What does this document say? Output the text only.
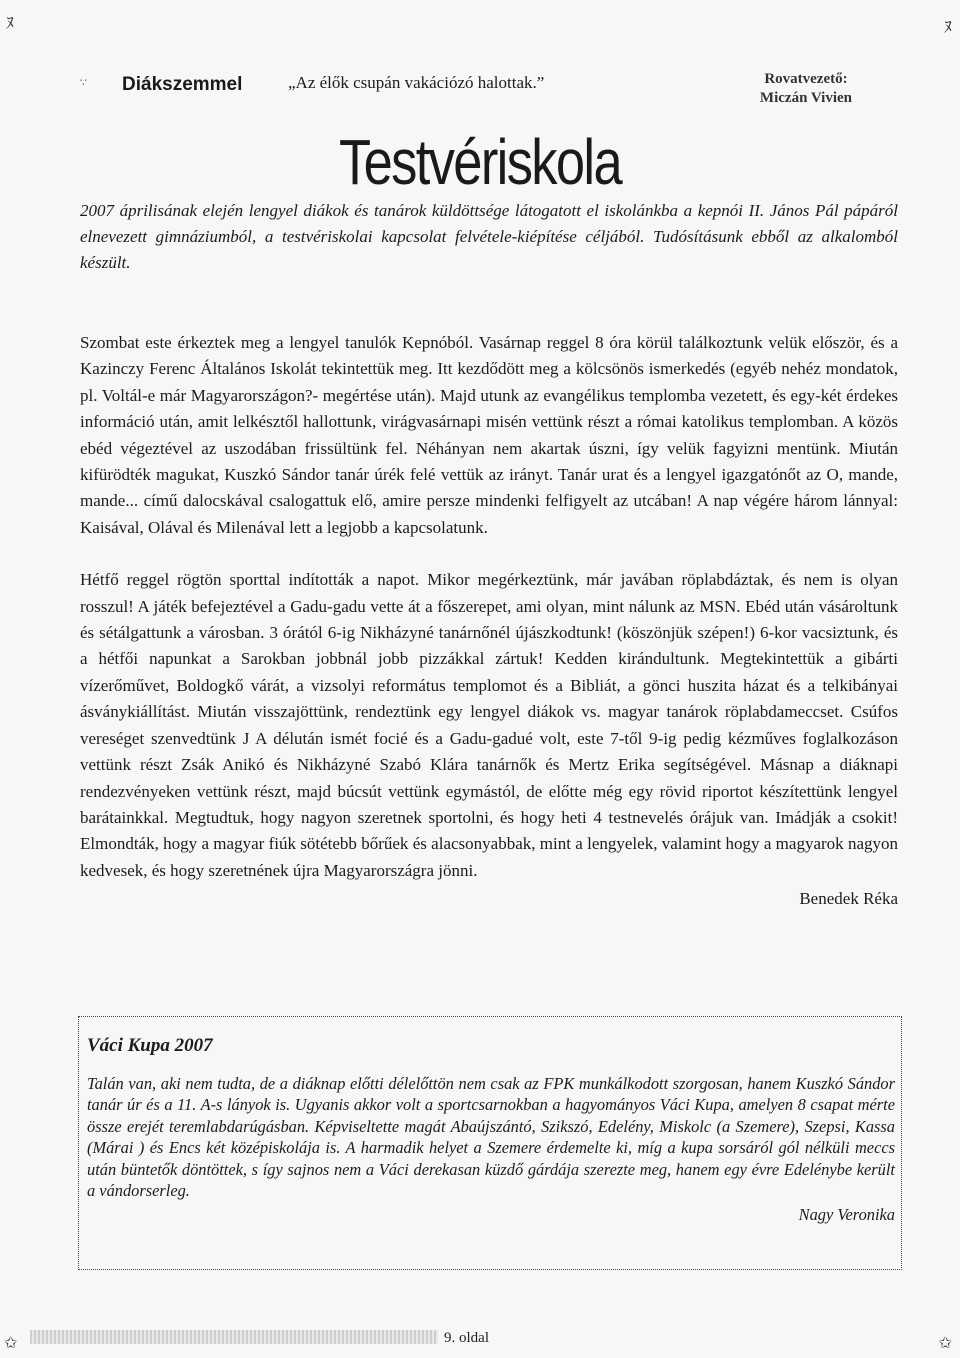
ﾇ	ﾇ
✩	✩
∵ Diákszemmel	„Az élők csupán vakációzó halottak.”	Rovatvezető:
Miczán Vivien
Testvériskola
2007 áprilisának elején lengyel diákok és tanárok küldöttsége látogatott el iskolánkba a kepnói II. János Pál pápáról elnevezett gimnáziumból, a testvériskolai kapcsolat felvétele-kiépítése céljából. Tudósításunk ebből az alkalomból készült.

Szombat este érkeztek meg a lengyel tanulók Kepnóból. Vasárnap reggel 8 óra körül találkoztunk velük először, és a Kazinczy Ferenc Általános Iskolát tekintettük meg. Itt kezdődött meg a kölcsönös ismerkedés (egyéb nehéz mondatok, pl. Voltál-e már Magyarországon?- megértése után). Majd utunk az evangélikus templomba vezetett, és egy-két érdekes információ után, amit lelkésztől hallottunk, virágvasárnapi misén vettünk részt a római katolikus templomban. A közös ebéd végeztével az uszodában frissültünk fel. Néhányan nem akartak úszni, így velük fagyizni mentünk. Miután kifürödték magukat, Kuszkó Sándor tanár úrék felé vettük az irányt. Tanár urat és a lengyel igazgatónőt az O, mande, mande... című dalocskával csalogattuk elő, amire persze mindenki felfigyelt az utcában! A nap végére három lánnyal: Kaisával, Olával és Milenával lett a legjobb a kapcsolatunk.

Hétfő reggel rögtön sporttal indították a napot. Mikor megérkeztünk, már javában röplabdáztak, és nem is olyan rosszul! A játék befejeztével a Gadu-gadu vette át a főszerepet, ami olyan, mint nálunk az MSN. Ebéd után vásároltunk és sétálgattunk a városban. 3 órától 6-ig Nikházyné tanárnőnél újászkodtunk! (köszönjük szépen!) 6-kor vacsiztunk, és a hétfői napunkat a Sarokban jobbnál jobb pizzákkal zártuk! Kedden kirándultunk. Megtekintettük a gibárti vízerőművet, Boldogkő várát, a vizsolyi református templomot és a Bibliát, a gönci huszita házat és a telkibányai ásványkiállítást. Miután visszajöttünk, rendeztünk egy lengyel diákok vs. magyar tanárok röplabdameccset. Csúfos vereséget szenvedtünk J A délután ismét focié és a Gadu-gadué volt, este 7-től 9-ig pedig kézműves foglalkozáson vettünk részt Zsák Anikó és Nikházyné Szabó Klára tanárnők és Mertz Erika segítségével. Másnap a diáknapi rendezvényeken vettünk részt, majd búcsút vettünk egymástól, de előtte még egy rövid riportot készítettünk lengyel barátainkkal. Megtudtuk, hogy nagyon szeretnek sportolni, és hogy heti 4 testnevelés órájuk van. Imádják a csokit! Elmondták, hogy a magyar fiúk sötétebb bőrűek és alacsonyabbak, mint a lengyelek, valamint hogy a magyarok nagyon kedvesek, és hogy szeretnének újra Magyarországra jönni.

Benedek Réka

Váci Kupa 2007

Talán van, aki nem tudta, de a diáknap előtti délelőttön nem csak az FPK munkálkodott szorgosan, hanem Kuszkó Sándor tanár úr és a 11. A-s lányok is. Ugyanis akkor volt a sportcsarnokban a hagyományos Váci Kupa, amelyen 8 csapat mérte össze erejét teremlabdarúgásban. Képviseltette magát Abaújszántó, Szikszó, Edelény, Miskolc (a Szemere), Szepsi, Kassa (Márai ) és Encs két középiskolája is. A harmadik helyet a Szemere érdemelte ki, míg a kupa sorsáról gól nélküli meccs után büntetők döntöttek, s így sajnos nem a Váci derekasan küzdő gárdája szerezte meg, hanem egy évre Edelénybe került a vándorserleg.

Nagy Veronika
9. oldal
